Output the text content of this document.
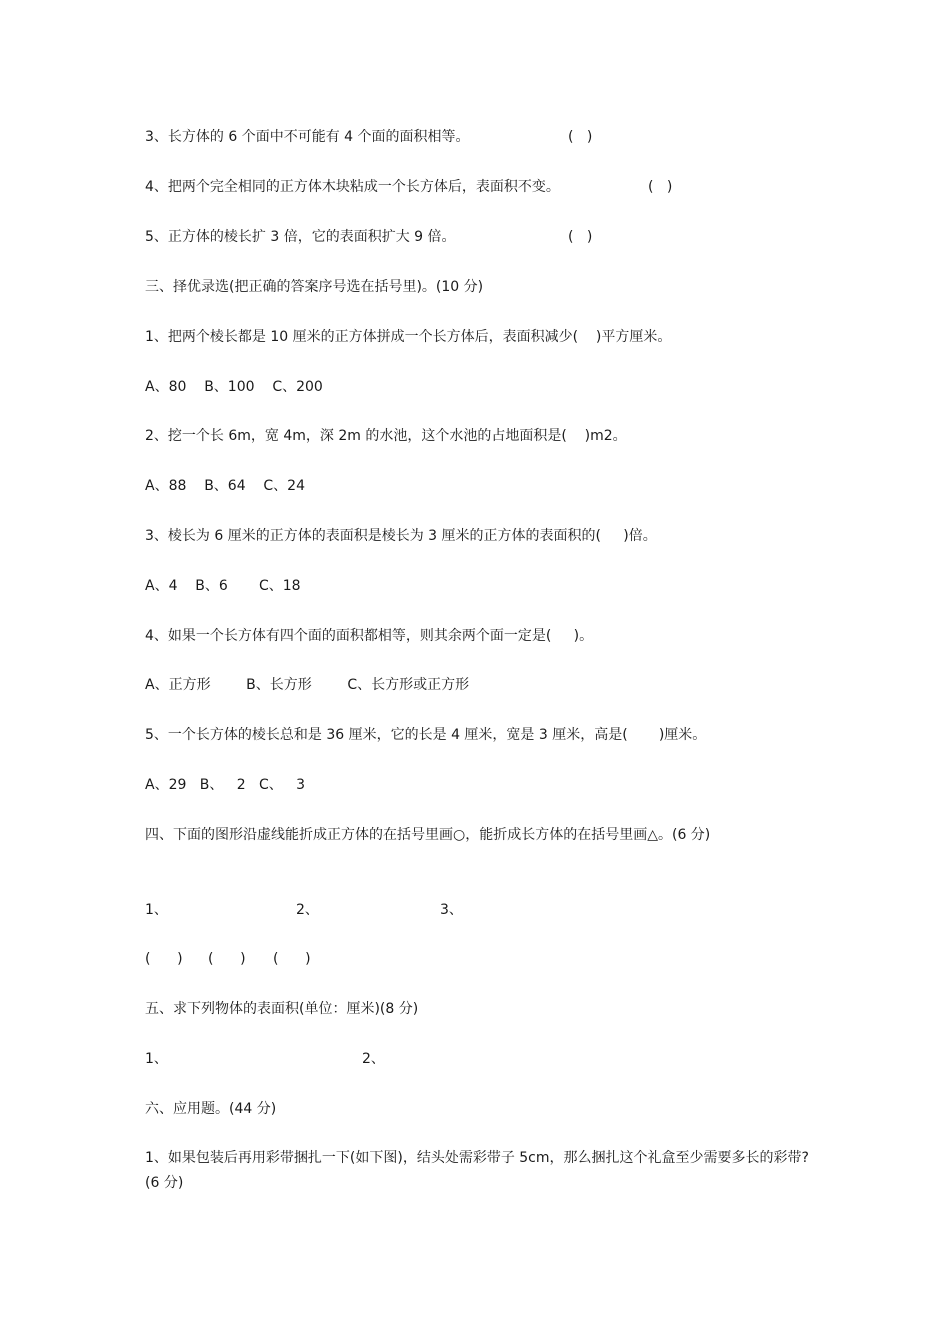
3、长方体的 6 个面中不可能有 4 个面的面积相等。	(   )
4、把两个完全相同的正方体木块粘成一个长方体后，表面积不变。	(   )
5、正方体的棱长扩 3 倍，它的表面积扩大 9 倍。	(   )
三、择优录选(把正确的答案序号选在括号里)。(10 分)
1、把两个棱长都是 10 厘米的正方体拼成一个长方体后，表面积减少(    )平方厘米。
A、80    B、100    C、200
2、挖一个长 6m，宽 4m，深 2m 的水池，这个水池的占地面积是(    )m2。
A、88    B、64    C、24
3、棱长为 6 厘米的正方体的表面积是棱长为 3 厘米的正方体的表面积的(     )倍。
A、4    B、6       C、18
4、如果一个长方体有四个面的面积都相等，则其余两个面一定是(     )。
A、正方形        B、长方形        C、长方形或正方形
5、一个长方体的棱长总和是 36 厘米，它的长是 4 厘米，宽是 3 厘米，高是(       )厘米。
A、29   B、   2   C、   3
四、下面的图形沿虚线能折成正方体的在括号里画○，能折成长方体的在括号里画△。(6 分)
1、	2、	3、
(      ) (      ) (      )
五、求下列物体的表面积(单位：厘米)(8 分)
1、	2、
六、应用题。(44 分)
1、如果包装后再用彩带捆扎一下(如下图)，结头处需彩带子 5cm，那么捆扎这个礼盒至少需要多长的彩带?(6 分)
